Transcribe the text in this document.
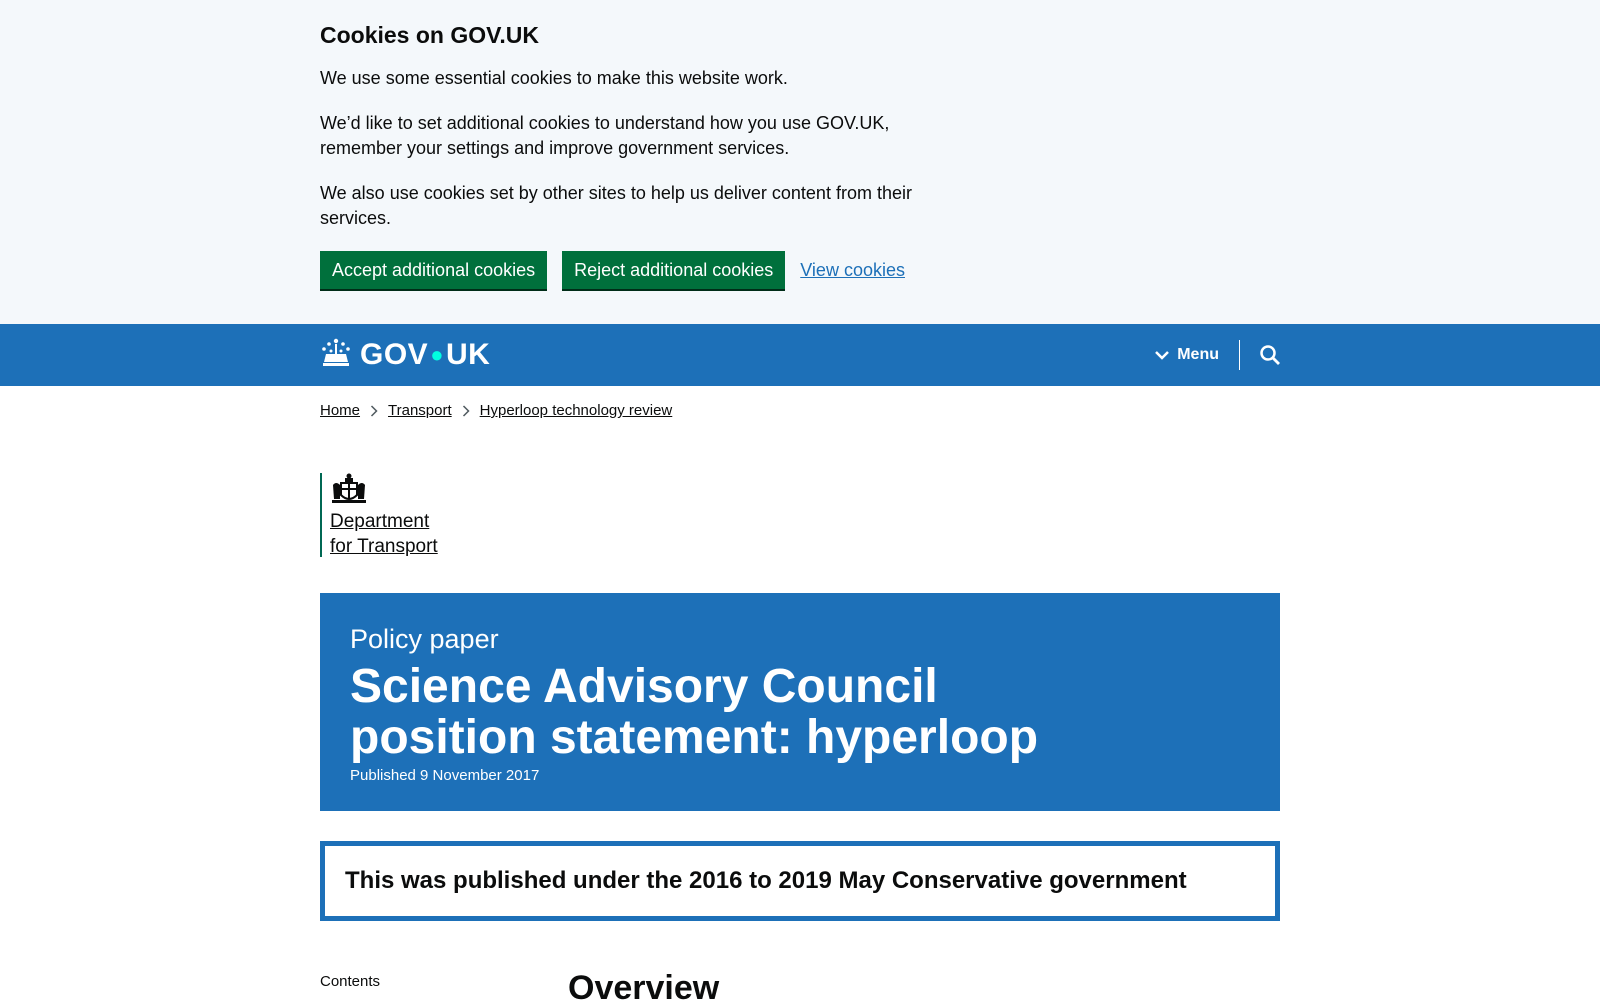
Cookies on GOV.UK

We use some essential cookies to make this website work.

We’d like to set additional cookies to understand how you use GOV.UK, remember your settings and improve government services.

We also use cookies set by other sites to help us deliver content from their services.

Accept additional cookies	Reject additional cookies	View cookies
GOV●UK	Menu
Home Transport Hyperloop technology review
Department
for Transport
Policy paper
Science Advisory Council position statement: hyperloop
Published 9 November 2017
This was published under the 2016 to 2019 May Conservative government
Contents	Overview
